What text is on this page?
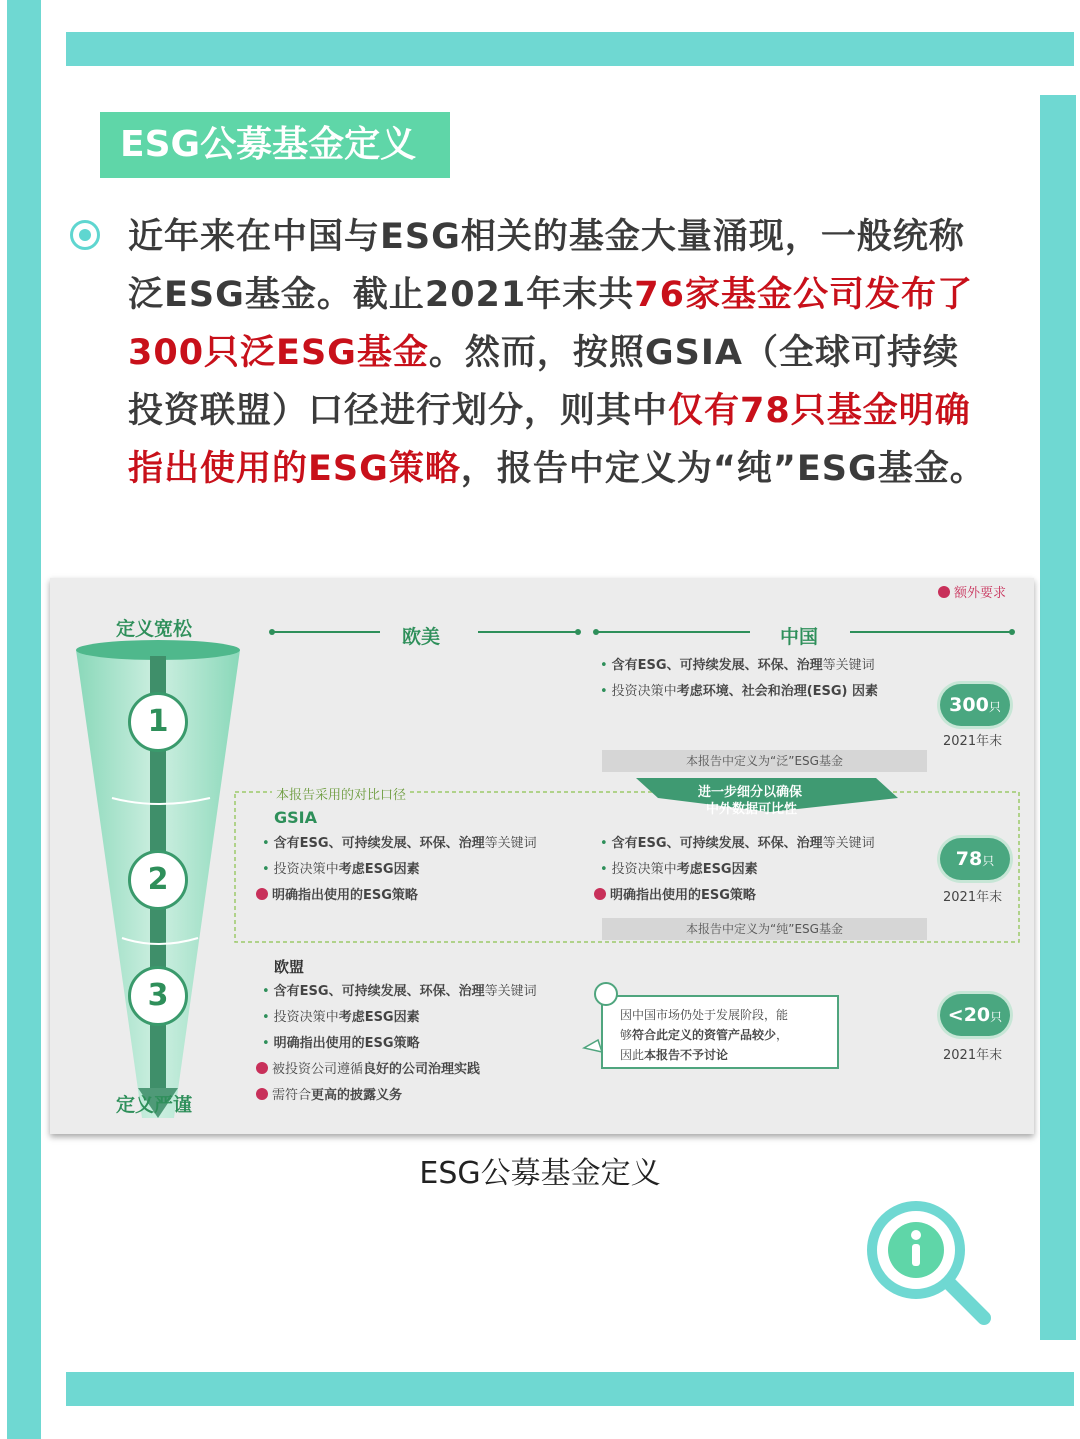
ESG公募基金定义
近年来在中国与ESG相关的基金大量涌现，一般统称泛ESG基金。截止2021年末共76家基金公司发布了300只泛ESG基金。然而，按照GSIA（全球可持续投资联盟）口径进行划分，则其中仅有78只基金明确指出使用的ESG策略，报告中定义为“纯”ESG基金。
额外要求
定义宽松
定义严谨
1
2
3
欧美	中国
• 含有ESG、可持续发展、环保、治理等关键词
• 投资决策中考虑环境、社会和治理(ESG) 因素
300只
2021年末
本报告中定义为“泛”ESG基金
本报告采用的对比口径	进一步细分以确保
中外数据可比性
GSIA
• 含有ESG、可持续发展、环保、治理等关键词
• 投资决策中考虑ESG因素
明确指出使用的ESG策略
• 含有ESG、可持续发展、环保、治理等关键词
• 投资决策中考虑ESG因素
明确指出使用的ESG策略
78只
2021年末
本报告中定义为“纯”ESG基金
欧盟
• 含有ESG、可持续发展、环保、治理等关键词
• 投资决策中考虑ESG因素
• 明确指出使用的ESG策略
被投资公司遵循良好的公司治理实践
需符合更高的披露义务
因中国市场仍处于发展阶段，能
够符合此定义的资管产品较少，
因此本报告不予讨论
<20只
2021年末
ESG公募基金定义
